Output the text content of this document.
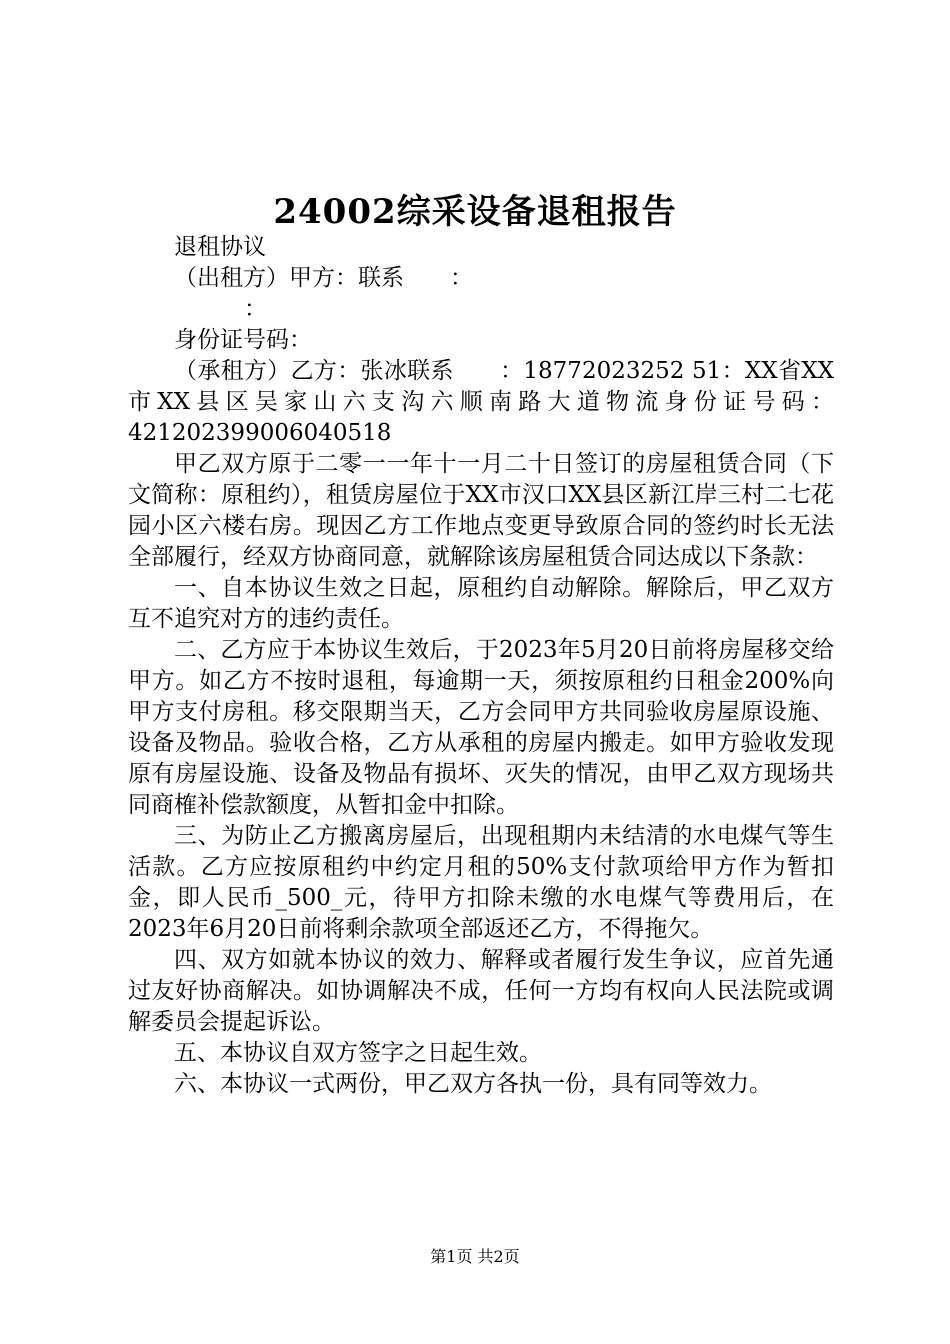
24002综采设备退租报告

退租协议

（出租方）甲方：联系 ：

：

身份证号码：

（承租方）乙方：张冰联系 ：18772023252 51：XX省XX市XX县区吴家山六支沟六顺南路大道物流身份证号码：421202399006040518

甲乙双方原于二零一一年十一月二十日签订的房屋租赁合同（下文简称：原租约），租赁房屋位于XX市汉口XX县区新江岸三村二七花园小区六楼右房。现因乙方工作地点变更导致原合同的签约时长无法全部履行，经双方协商同意，就解除该房屋租赁合同达成以下条款：

一、自本协议生效之日起，原租约自动解除。解除后，甲乙双方互不追究对方的违约责任。

二、乙方应于本协议生效后，于2023年5月20日前将房屋移交给甲方。如乙方不按时退租，每逾期一天，须按原租约日租金200%向甲方支付房租。移交限期当天，乙方会同甲方共同验收房屋原设施、设备及物品。验收合格，乙方从承租的房屋内搬走。如甲方验收发现原有房屋设施、设备及物品有损坏、灭失的情况，由甲乙双方现场共同商榷补偿款额度，从暂扣金中扣除。

三、为防止乙方搬离房屋后，出现租期内未结清的水电煤气等生活款。乙方应按原租约中约定月租的50%支付款项给甲方作为暂扣金，即人民币_500_元，待甲方扣除未缴的水电煤气等费用后，在2023年6月20日前将剩余款项全部返还乙方，不得拖欠。

四、双方如就本协议的效力、解释或者履行发生争议，应首先通过友好协商解决。如协调解决不成，任何一方均有权向人民法院或调解委员会提起诉讼。

五、本协议自双方签字之日起生效。

六、本协议一式两份，甲乙双方各执一份，具有同等效力。

第1页 共2页
